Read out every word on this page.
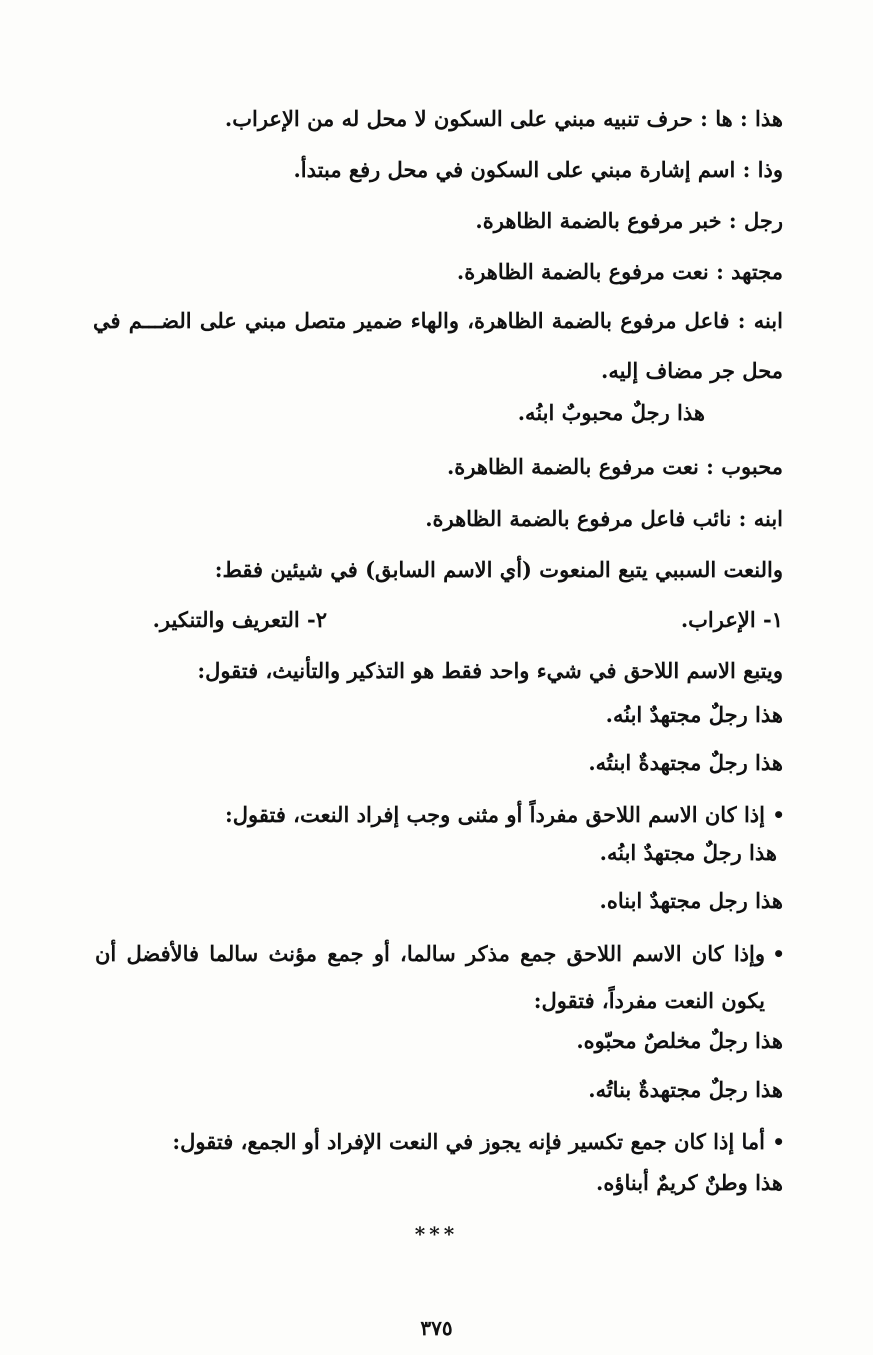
هذا : ها : حرف تنبيه مبني على السكون لا محل له من الإعراب.
وذا : اسم إشارة مبني على السكون في محل رفع مبتدأ.
رجل : خبر مرفوع بالضمة الظاهرة.
مجتهد : نعت مرفوع بالضمة الظاهرة.
ابنه : فاعل مرفوع بالضمة الظاهرة، والهاء ضمير متصل مبني على الضـــم في
محل جر مضاف إليه.
هذا رجلٌ محبوبٌ ابنُه.
محبوب : نعت مرفوع بالضمة الظاهرة.
ابنه : نائب فاعل مرفوع بالضمة الظاهرة.
والنعت السببي يتبع المنعوت (أي الاسم السابق) في شيئين فقط:
١- الإعراب.
٢- التعريف والتنكير.
ويتبع الاسم اللاحق في شيء واحد فقط هو التذكير والتأنيث، فتقول:
هذا رجلٌ مجتهدٌ ابنُه.
هذا رجلٌ مجتهدةٌ ابنتُه.
•
إذا كان الاسم اللاحق مفرداً أو مثنى وجب إفراد النعت، فتقول:
هذا رجلٌ مجتهدٌ ابنُه.
هذا رجل مجتهدٌ ابناه.
•
وإذا كان الاسم اللاحق جمع مذكر سالما، أو جمع مؤنث سالما فالأفضل أن
يكون النعت مفرداً، فتقول:
هذا رجلٌ مخلصٌ محبّوه.
هذا رجلٌ مجتهدةٌ بناتُه.
•
أما إذا كان جمع تكسير فإنه يجوز في النعت الإفراد أو الجمع، فتقول:
هذا وطنٌ كريمٌ أبناؤه.
***
٣٧٥
